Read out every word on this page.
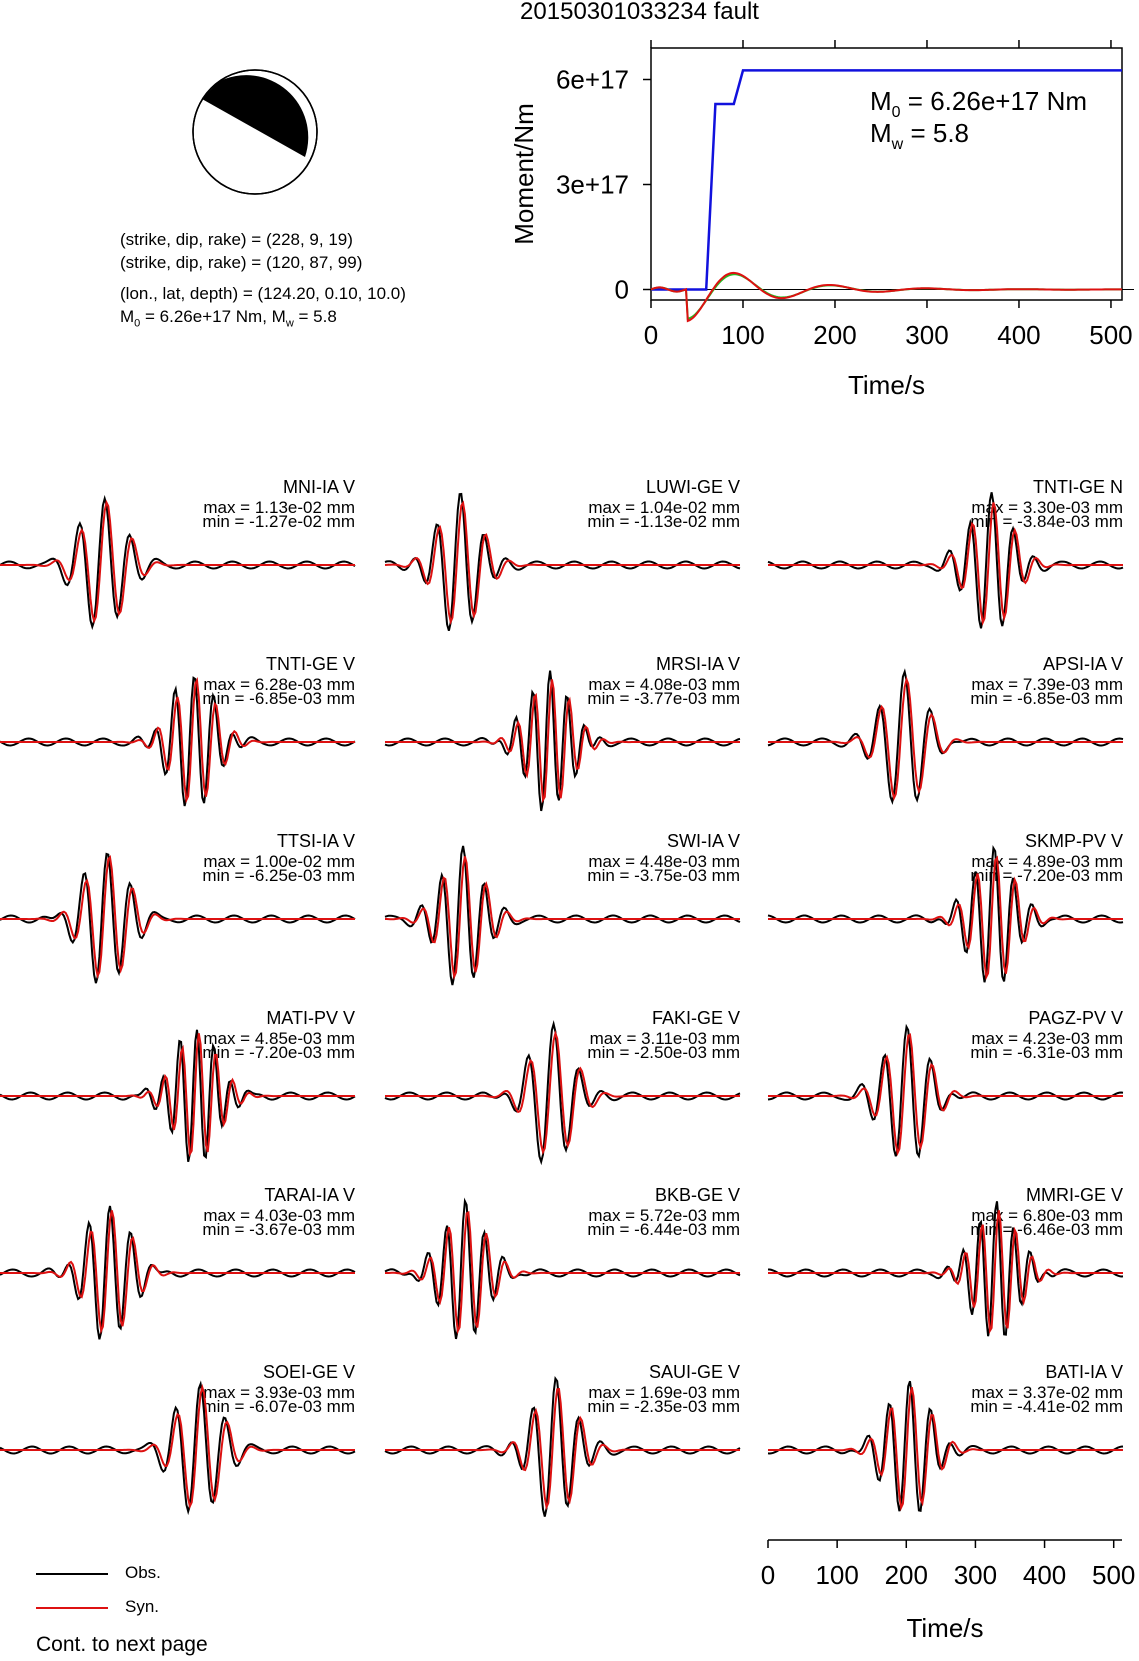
20150301033234 fault
(strike, dip, rake) = (228, 9, 19)
(strike, dip, rake) = (120, 87, 99)
(lon., lat, depth) = (124.20, 0.10, 10.0)
$M_0 = 6.26e+17$ Nm, $M_w = 5.8$
0
3e+17
6e+17
0 100 200 300 400 500
Time/s
Moment/Nm
$M_0 = 6.26e+17$ Nm
$M_w = 5.8$
MNI-IA V
max = 1.13e-02 mm
min = -1.27e-02 mm
LUWI-GE V
max = 1.04e-02 mm
min = -1.13e-02 mm
TNTI-GE N
max = 3.30e-03 mm
min = -3.84e-03 mm
TNTI-GE V
max = 6.28e-03 mm
min = -6.85e-03 mm
MRSI-IA V
max = 4.08e-03 mm
min = -3.77e-03 mm
APSI-IA V
max = 7.39e-03 mm
min = -6.85e-03 mm
TTSI-IA V
max = 1.00e-02 mm
min = -6.25e-03 mm
SWI-IA V
max = 4.48e-03 mm
min = -3.75e-03 mm
SKMP-PV V
max = 4.89e-03 mm
min = -7.20e-03 mm
MATI-PV V
max = 4.85e-03 mm
min = -7.20e-03 mm
FAKI-GE V
max = 3.11e-03 mm
min = -2.50e-03 mm
PAGZ-PV V
max = 4.23e-03 mm
min = -6.31e-03 mm
TARAI-IA V
max = 4.03e-03 mm
min = -3.67e-03 mm
BKB-GE V
max = 5.72e-03 mm
min = -6.44e-03 mm
MMRI-GE V
max = 6.80e-03 mm
min = -6.46e-03 mm
SOEI-GE V
max = 3.93e-03 mm
min = -6.07e-03 mm
SAUI-GE V
max = 1.69e-03 mm
min = -2.35e-03 mm
BATI-IA V
max = 3.37e-02 mm
min = -4.41e-02 mm
0 100 200 300 400 500
Time/s
Obs.
Syn.
Cont. to next page
